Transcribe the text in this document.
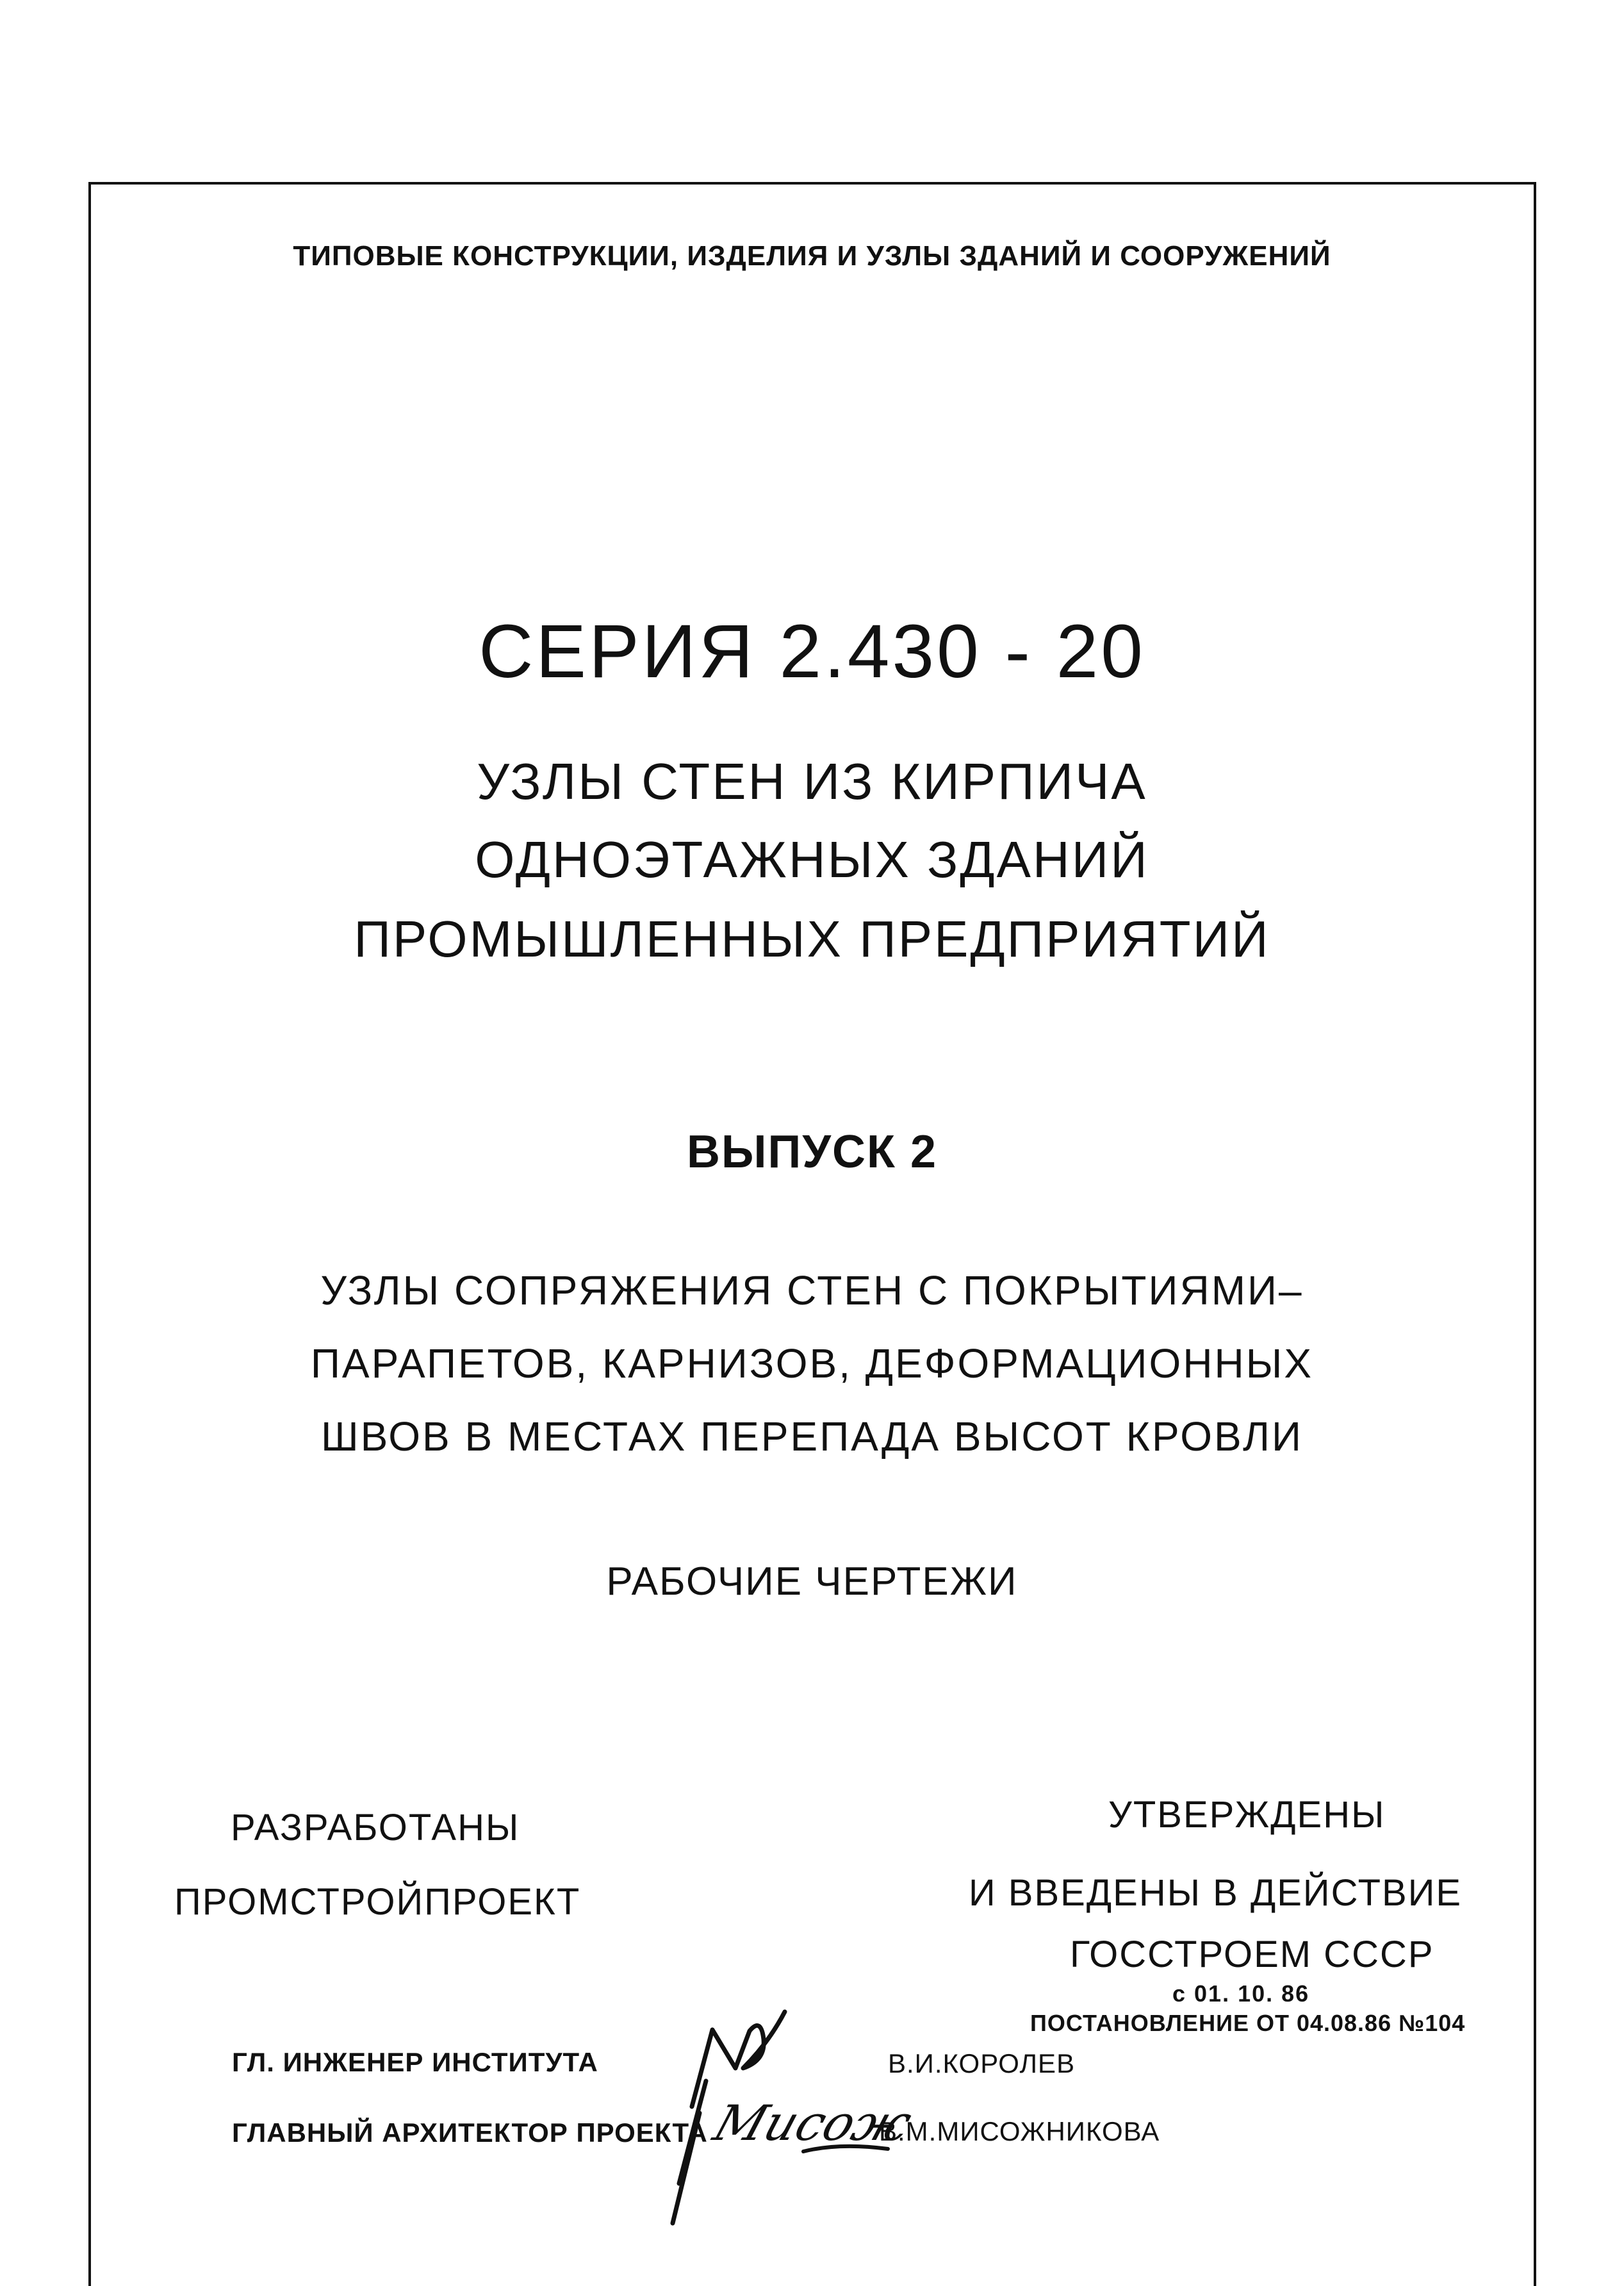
ТИПОВЫЕ КОНСТРУКЦИИ, ИЗДЕЛИЯ И УЗЛЫ ЗДАНИЙ И СООРУЖЕНИЙ
СЕРИЯ 2.430 - 20
УЗЛЫ СТЕН ИЗ КИРПИЧА
ОДНОЭТАЖНЫХ ЗДАНИЙ
ПРОМЫШЛЕННЫХ ПРЕДПРИЯТИЙ
ВЫПУСК 2
УЗЛЫ СОПРЯЖЕНИЯ СТЕН С ПОКРЫТИЯМИ–
ПАРАПЕТОВ, КАРНИЗОВ, ДЕФОРМАЦИОННЫХ
ШВОВ В МЕСТАХ ПЕРЕПАДА ВЫСОТ КРОВЛИ
РАБОЧИЕ ЧЕРТЕЖИ
РАЗРАБОТАНЫ
ПРОМСТРОЙПРОЕКТ
УТВЕРЖДЕНЫ
И ВВЕДЕНЫ В ДЕЙСТВИЕ
ГОССТРОЕМ СССР
с 01. 10. 86
ПОСТАНОВЛЕНИЕ ОТ 04.08.86 №104
ГЛ. ИНЖЕНЕР ИНСТИТУТА	В.И.КОРОЛЕВ
ГЛАВНЫЙ АРХИТЕКТОР ПРОЕКТА	В.М.МИСОЖНИКОВА
Мисож
